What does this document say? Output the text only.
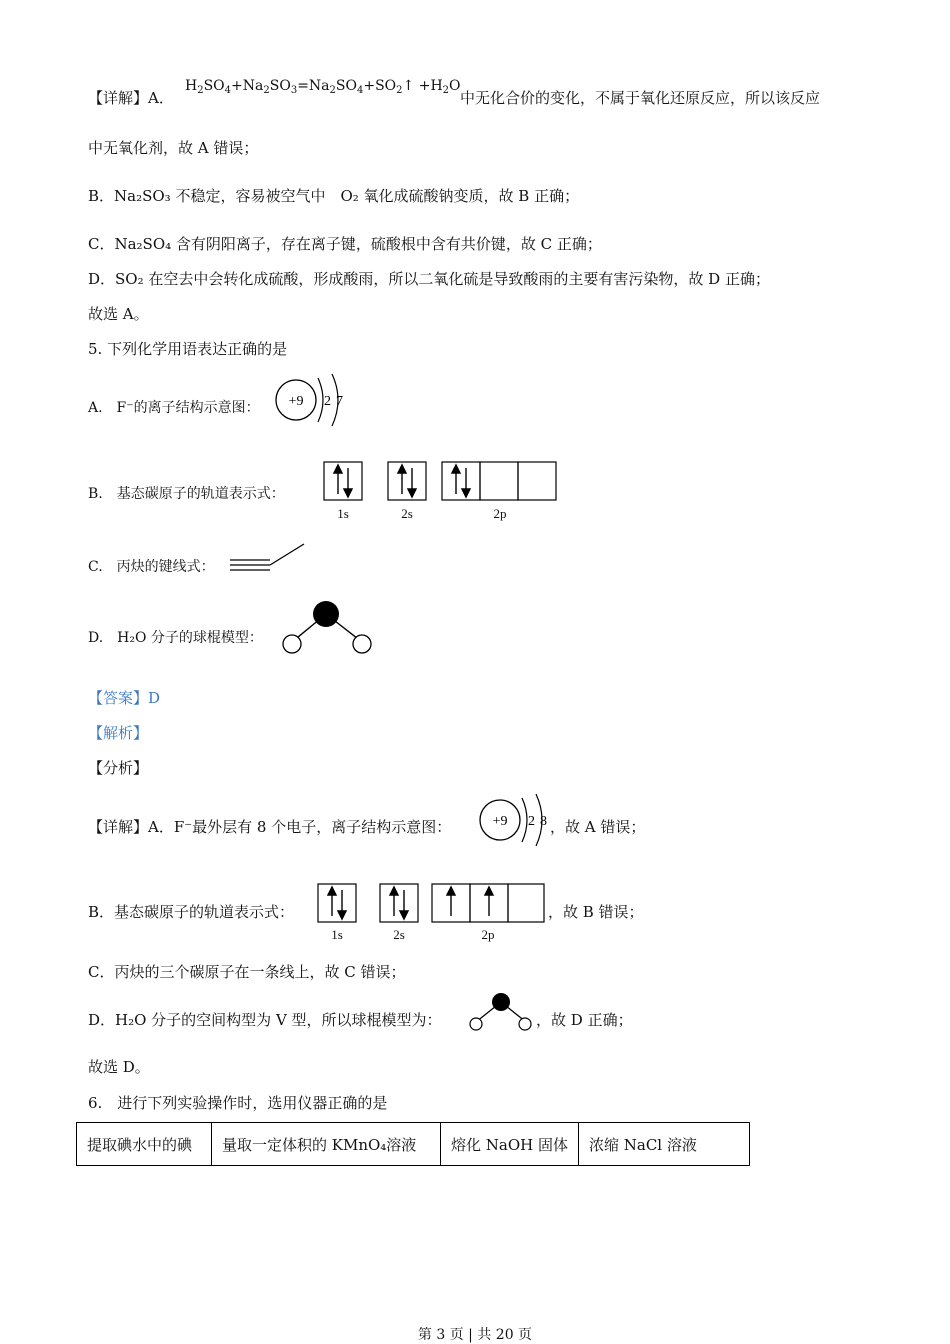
【详解】A．
$H_2SO_4+Na_2SO_3=Na_2SO_4+SO_2↑ +H_2O$
中无化合价的变化，不属于氧化还原反应，所以该反应
中无氧化剂，故 A 错误；
B．Na₂SO₃ 不稳定，容易被空气中　O₂ 氧化成硫酸钠变质，故 B 正确；
C．Na₂SO₄ 含有阴阳离子，存在离子键，硫酸根中含有共价键，故 C 正确；
D．SO₂ 在空去中会转化成硫酸，形成酸雨，所以二氧化硫是导致酸雨的主要有害污染物，故 D 正确；
故选 A。
5. 下列化学用语表达正确的是
A.　F⁻的离子结构示意图： +9 2 7
B.　基态碳原子的轨道表示式：
1s	2s	2p
C.　丙炔的键线式：
D.　H₂O 分子的球棍模型：
【答案】D
【解析】
【分析】
【详解】A．F⁻最外层有 8 个电子，离子结构示意图：	+9 2 8 ，故 A 错误；
B．基态碳原子的轨道表示式：
1s	2s	2p
，故 B 错误；
C．丙炔的三个碳原子在一条线上，故 C 错误；
D．H₂O 分子的空间构型为 V 型，所以球棍模型为：	，故 D 正确；
故选 D。
6.　进行下列实验操作时，选用仪器正确的是
提取碘水中的碘	量取一定体积的 KMnO₄溶液	熔化 NaOH 固体	浓缩 NaCl 溶液
第 3 页 | 共 20 页
